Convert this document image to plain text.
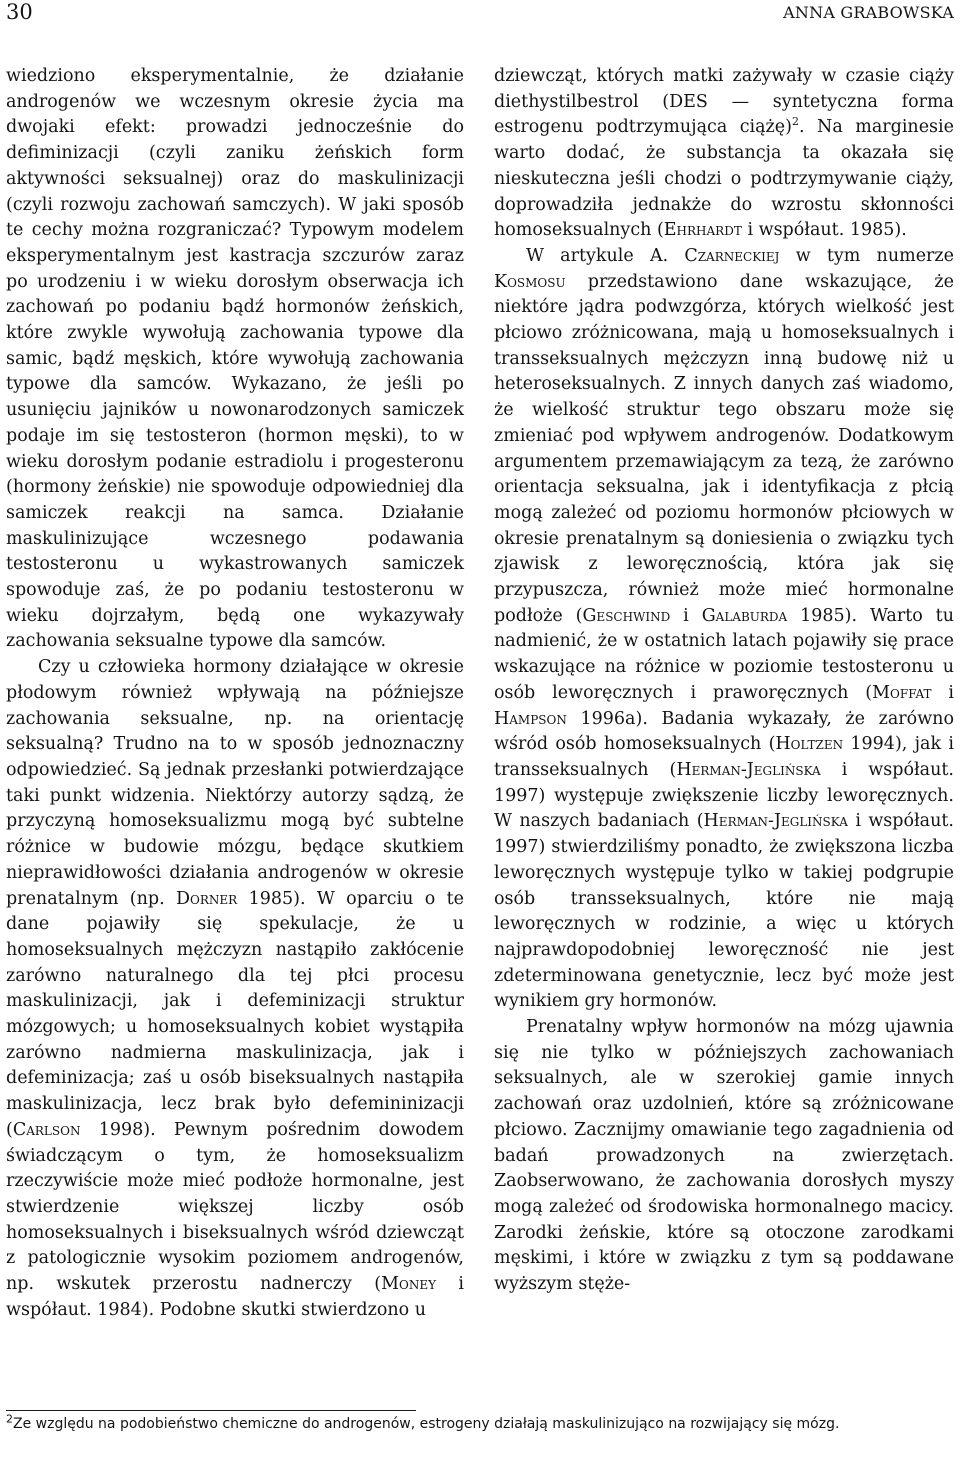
30	ANNA GRABOWSKA

wiedziono eksperymentalnie, że działanie androgenów we wczesnym okresie życia ma dwojaki efekt: prowadzi jednocześnie do defiminizacji (czyli zaniku żeńskich form aktywności seksualnej) oraz do maskulinizacji (czyli rozwoju zachowań samczych). W jaki sposób te cechy można rozgraniczać? Typowym modelem eksperymentalnym jest kastracja szczurów zaraz po urodzeniu i w wieku dorosłym obserwacja ich zachowań po podaniu bądź hormonów żeńskich, które zwykle wywołują zachowania typowe dla samic, bądź męskich, które wywołują zachowania typowe dla samców. Wykazano, że jeśli po usunięciu jajników u nowonarodzonych samiczek podaje im się testosteron (hormon męski), to w wieku dorosłym podanie estradiolu i progesteronu (hormony żeńskie) nie spowoduje odpowiedniej dla samiczek reakcji na samca. Działanie maskulinizujące wczesnego podawania testosteronu u wykastrowanych samiczek spowoduje zaś, że po podaniu testosteronu w wieku dojrzałym, będą one wykazywały zachowania seksualne typowe dla samców.

Czy u człowieka hormony działające w okresie płodowym również wpływają na późniejsze zachowania seksualne, np. na orientację seksualną? Trudno na to w sposób jednoznaczny odpowiedzieć. Są jednak przesłanki potwierdzające taki punkt widzenia. Niektórzy autorzy sądzą, że przyczyną homoseksualizmu mogą być subtelne różnice w budowie mózgu, będące skutkiem nieprawidłowości działania androgenów w okresie prenatalnym (np. Dorner 1985). W oparciu o te dane pojawiły się spekulacje, że u homoseksualnych mężczyzn nastąpiło zakłócenie zarówno naturalnego dla tej płci procesu maskulinizacji, jak i defeminizacji struktur mózgowych; u homoseksualnych kobiet wystąpiła zarówno nadmierna maskulinizacja, jak i defeminizacja; zaś u osób biseksualnych nastąpiła maskulinizacja, lecz brak było defemininizacji (Carlson 1998). Pewnym pośrednim dowodem świadczącym o tym, że homoseksualizm rzeczywiście może mieć podłoże hormonalne, jest stwierdzenie większej liczby osób homoseksualnych i biseksualnych wśród dziewcząt z patologicznie wysokim poziomem androgenów, np. wskutek przerostu nadnerczy (Money i współaut. 1984). Podobne skutki stwierdzono u

dziewcząt, których matki zażywały w czasie ciąży diethystilbestrol (DES — syntetyczna forma estrogenu podtrzymująca ciążę)$^2$. Na marginesie warto dodać, że substancja ta okazała się nieskuteczna jeśli chodzi o podtrzymywanie ciąży, doprowadziła jednakże do wzrostu skłonności homoseksualnych (Ehrhardt i współaut. 1985).

W artykule A. Czarneckiej w tym numerze Kosmosu przedstawiono dane wskazujące, że niektóre jądra podwzgórza, których wielkość jest płciowo zróżnicowana, mają u homoseksualnych i transseksualnych mężczyzn inną budowę niż u heteroseksualnych. Z innych danych zaś wiadomo, że wielkość struktur tego obszaru może się zmieniać pod wpływem androgenów. Dodatkowym argumentem przemawiającym za tezą, że zarówno orientacja seksualna, jak i identyfikacja z płcią mogą zależeć od poziomu hormonów płciowych w okresie prenatalnym są doniesienia o związku tych zjawisk z leworęcznością, która jak się przypuszcza, również może mieć hormonalne podłoże (Geschwind i Galaburda 1985). Warto tu nadmienić, że w ostatnich latach pojawiły się prace wskazujące na różnice w poziomie testosteronu u osób leworęcznych i praworęcznych (Moffat i Hampson 1996a). Badania wykazały, że zarówno wśród osób homoseksualnych (Holtzen 1994), jak i transseksualnych (Herman-Jeglińska i współaut. 1997) występuje zwiększenie liczby leworęcznych. W naszych badaniach (Herman-Jeglińska i współaut. 1997) stwierdziliśmy ponadto, że zwiększona liczba leworęcznych występuje tylko w takiej podgrupie osób transseksualnych, które nie mają leworęcznych w rodzinie, a więc u których najprawdopodobniej leworęczność nie jest zdeterminowana genetycznie, lecz być może jest wynikiem gry hormonów.

Prenatalny wpływ hormonów na mózg ujawnia się nie tylko w późniejszych zachowaniach seksualnych, ale w szerokiej gamie innych zachowań oraz uzdolnień, które są zróżnicowane płciowo. Zacznijmy omawianie tego zagadnienia od badań prowadzonych na zwierzętach. Zaobserwowano, że zachowania dorosłych myszy mogą zależeć od środowiska hormonalnego macicy. Zarodki żeńskie, które są otoczone zarodkami męskimi, i które w związku z tym są poddawane wyższym stęże-

$^2$Ze względu na podobieństwo chemiczne do androgenów, estrogeny działają maskulinizująco na rozwijający się mózg.
